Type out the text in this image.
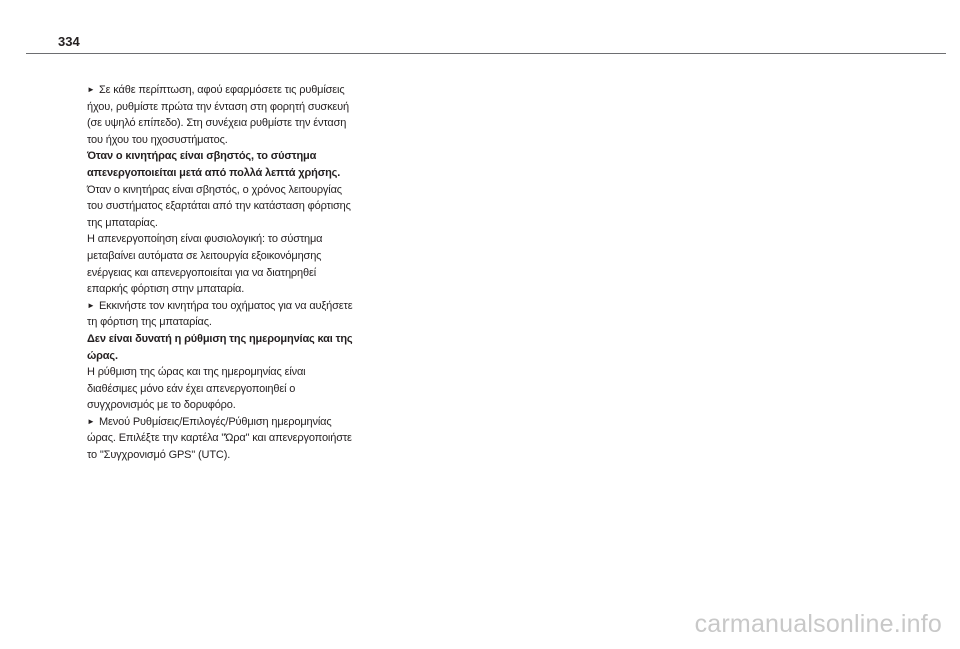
334

► Σε κάθε περίπτωση, αφού εφαρμόσετε τις ρυθμίσεις ήχου, ρυθμίστε πρώτα την ένταση στη φορητή συσκευή (σε υψηλό επίπεδο). Στη συνέχεια ρυθμίστε την ένταση του ήχου του ηχοσυστήματος.

Όταν ο κινητήρας είναι σβηστός, το σύστημα απενεργοποιείται μετά από πολλά λεπτά χρήσης.

Όταν ο κινητήρας είναι σβηστός, ο χρόνος λειτουργίας του συστήματος εξαρτάται από την κατάσταση φόρτισης της μπαταρίας.

Η απενεργοποίηση είναι φυσιολογική: το σύστημα μεταβαίνει αυτόματα σε λειτουργία εξοικονόμησης ενέργειας και απενεργοποιείται για να διατηρηθεί επαρκής φόρτιση στην μπαταρία.

► Εκκινήστε τον κινητήρα του οχήματος για να αυξήσετε τη φόρτιση της μπαταρίας.

Δεν είναι δυνατή η ρύθμιση της ημερομηνίας και της ώρας.

Η ρύθμιση της ώρας και της ημερομηνίας είναι διαθέσιμες μόνο εάν έχει απενεργοποιηθεί ο συγχρονισμός με το δορυφόρο.

► Μενού Ρυθμίσεις/Επιλογές/Ρύθμιση ημερομηνίας ώρας. Επιλέξτε την καρτέλα "Ώρα" και απενεργοποιήστε το "Συγχρονισμό GPS" (UTC).

carmanualsonline.info
